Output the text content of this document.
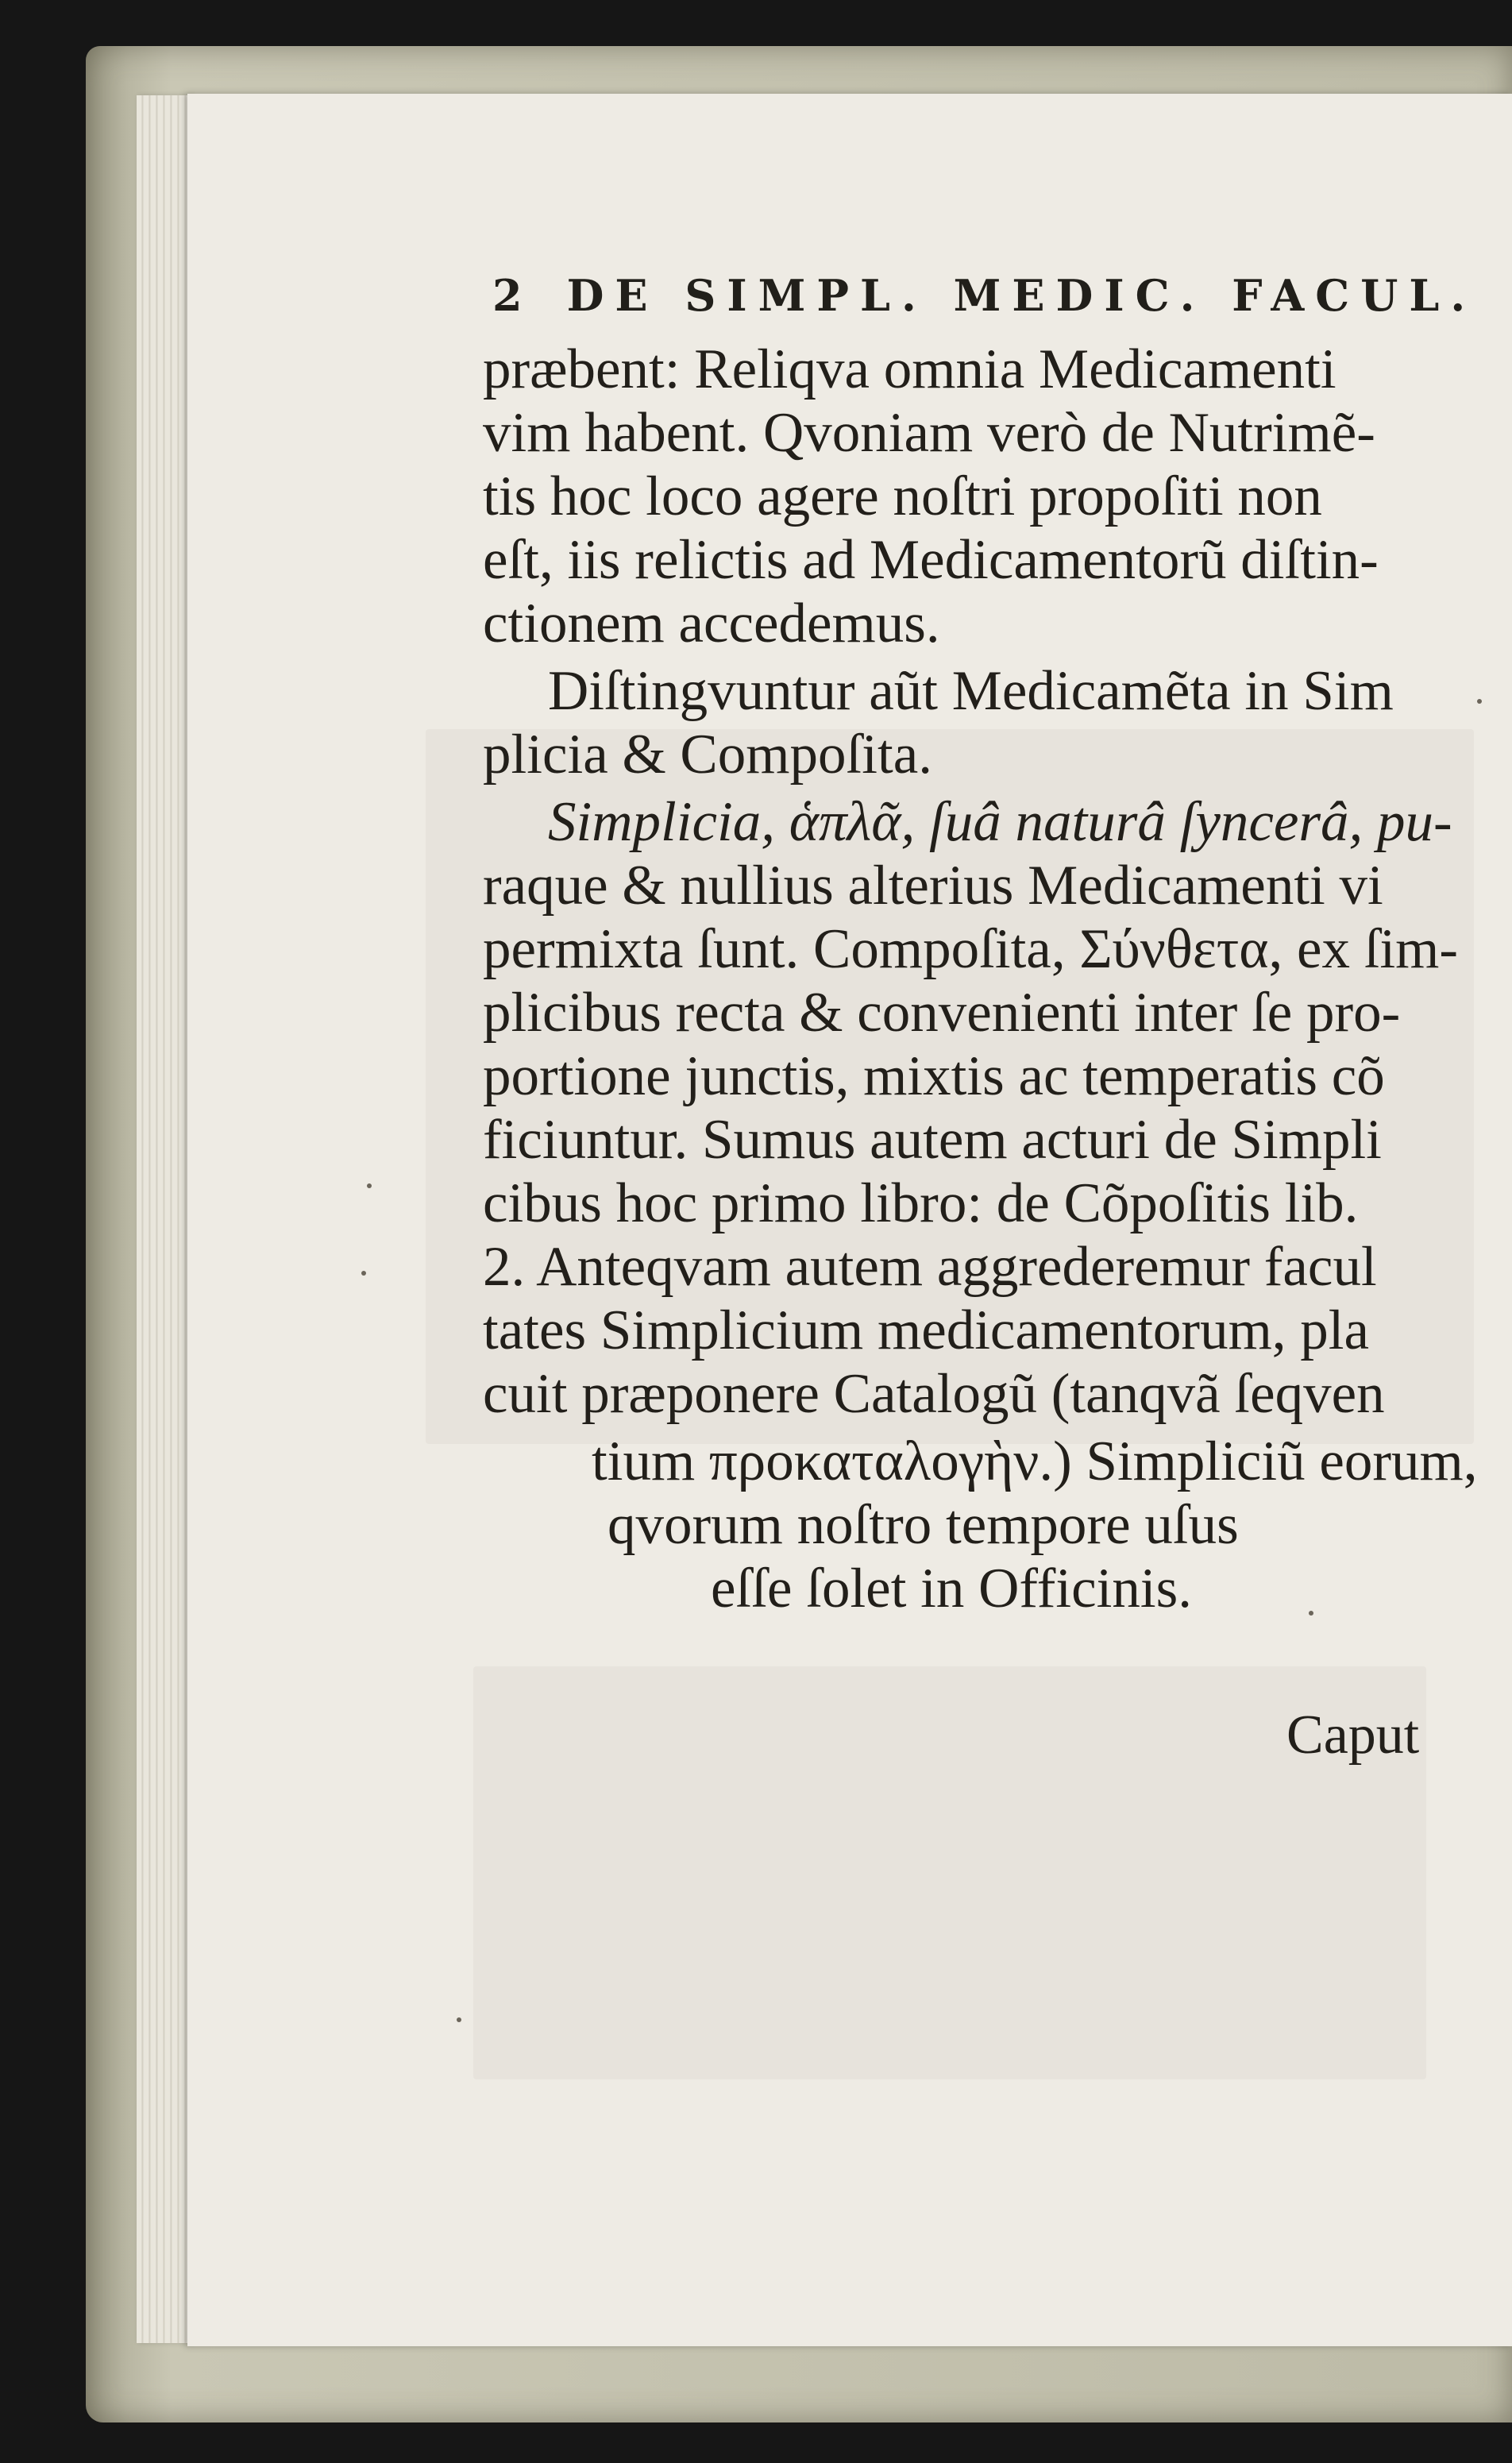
2 DE SIMPL. MEDIC. FACUL.
præbent: Reliqva omnia Medicamenti
vim habent. Qvoniam verò de Nutrimẽ-
tis hoc loco agere noſtri propoſiti non
eſt, iis relictis ad Medicamentorũ diſtin-
ctionem accedemus.
Diſtingvuntur aũt Medicamẽta in Sim
plicia & Compoſita.
Simplicia, ἁπλᾶ, ſuâ naturâ ſyncerâ, pu-
raque & nullius alterius Medicamenti vi
permixta ſunt. Compoſita, Σύνθετα, ex ſim-
plicibus recta & convenienti inter ſe pro-
portione junctis, mixtis ac temperatis cõ
ficiuntur. Sumus autem acturi de Simpli
cibus hoc primo libro: de Cõpoſitis lib.
2. Anteqvam autem aggrederemur facul
tates Simplicium medicamentorum, pla
cuit præponere Catalogũ (tanqvã ſeqven
tium προκαταλογὴν.) Simpliciũ eorum,
qvorum noſtro tempore uſus
eſſe ſolet in Officinis.
Caput
